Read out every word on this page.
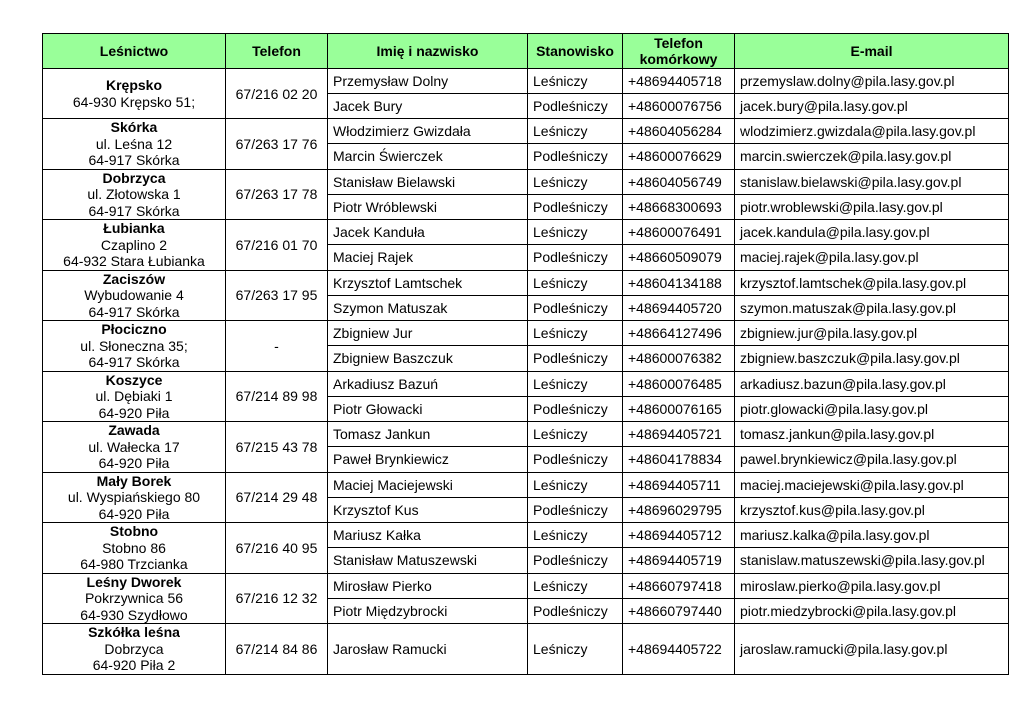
Leśnictwo	Telefon	Imię i nazwisko	Stanowisko	Telefon komórkowy	E-mail

Krępsko
64-930 Krępsko 51;	67/216 02 20	Przemysław Dolny	Leśniczy	+48694405718	przemyslaw.dolny@pila.lasy.gov.pl
		Jacek Bury	Podleśniczy	+48600076756	jacek.bury@pila.lasy.gov.pl

Skórka
ul. Leśna 12
64-917 Skórka	67/263 17 76	Włodzimierz Gwizdała	Leśniczy	+48604056284	wlodzimierz.gwizdala@pila.lasy.gov.pl
		Marcin Świerczek	Podleśniczy	+48600076629	marcin.swierczek@pila.lasy.gov.pl

Dobrzyca
ul. Złotowska 1
64-917 Skórka	67/263 17 78	Stanisław Bielawski	Leśniczy	+48604056749	stanislaw.bielawski@pila.lasy.gov.pl
		Piotr Wróblewski	Podleśniczy	+48668300693	piotr.wroblewski@pila.lasy.gov.pl

Łubianka
Czaplino 2
64-932 Stara Łubianka	67/216 01 70	Jacek Kanduła	Leśniczy	+48600076491	jacek.kandula@pila.lasy.gov.pl
		Maciej Rajek	Podleśniczy	+48660509079	maciej.rajek@pila.lasy.gov.pl

Zaciszów
Wybudowanie 4
64-917 Skórka	67/263 17 95	Krzysztof Lamtschek	Leśniczy	+48604134188	krzysztof.lamtschek@pila.lasy.gov.pl
		Szymon Matuszak	Podleśniczy	+48694405720	szymon.matuszak@pila.lasy.gov.pl

Płociczno
ul. Słoneczna 35;
64-917 Skórka	-	Zbigniew Jur	Leśniczy	+48664127496	zbigniew.jur@pila.lasy.gov.pl
		Zbigniew Baszczuk	Podleśniczy	+48600076382	zbigniew.baszczuk@pila.lasy.gov.pl

Koszyce
ul. Dębiaki 1
64-920 Piła	67/214 89 98	Arkadiusz Bazuń	Leśniczy	+48600076485	arkadiusz.bazun@pila.lasy.gov.pl
		Piotr Głowacki	Podleśniczy	+48600076165	piotr.glowacki@pila.lasy.gov.pl

Zawada
ul. Wałecka 17
64-920 Piła	67/215 43 78	Tomasz Jankun	Leśniczy	+48694405721	tomasz.jankun@pila.lasy.gov.pl
		Paweł Brynkiewicz	Podleśniczy	+48604178834	pawel.brynkiewicz@pila.lasy.gov.pl

Mały Borek
ul. Wyspiańskiego 80
64-920 Piła	67/214 29 48	Maciej Maciejewski	Leśniczy	+48694405711	maciej.maciejewski@pila.lasy.gov.pl
		Krzysztof Kus	Podleśniczy	+48696029795	krzysztof.kus@pila.lasy.gov.pl

Stobno
Stobno 86
64-980 Trzcianka	67/216 40 95	Mariusz Kałka	Leśniczy	+48694405712	mariusz.kalka@pila.lasy.gov.pl
		Stanisław Matuszewski	Podleśniczy	+48694405719	stanislaw.matuszewski@pila.lasy.gov.pl

Leśny Dworek
Pokrzywnica 56
64-930 Szydłowo	67/216 12 32	Mirosław Pierko	Leśniczy	+48660797418	miroslaw.pierko@pila.lasy.gov.pl
		Piotr Międzybrocki	Podleśniczy	+48660797440	piotr.miedzybrocki@pila.lasy.gov.pl

Szkółka leśna
Dobrzyca
64-920 Piła 2	67/214 84 86	Jarosław Ramucki	Leśniczy	+48694405722	jaroslaw.ramucki@pila.lasy.gov.pl
